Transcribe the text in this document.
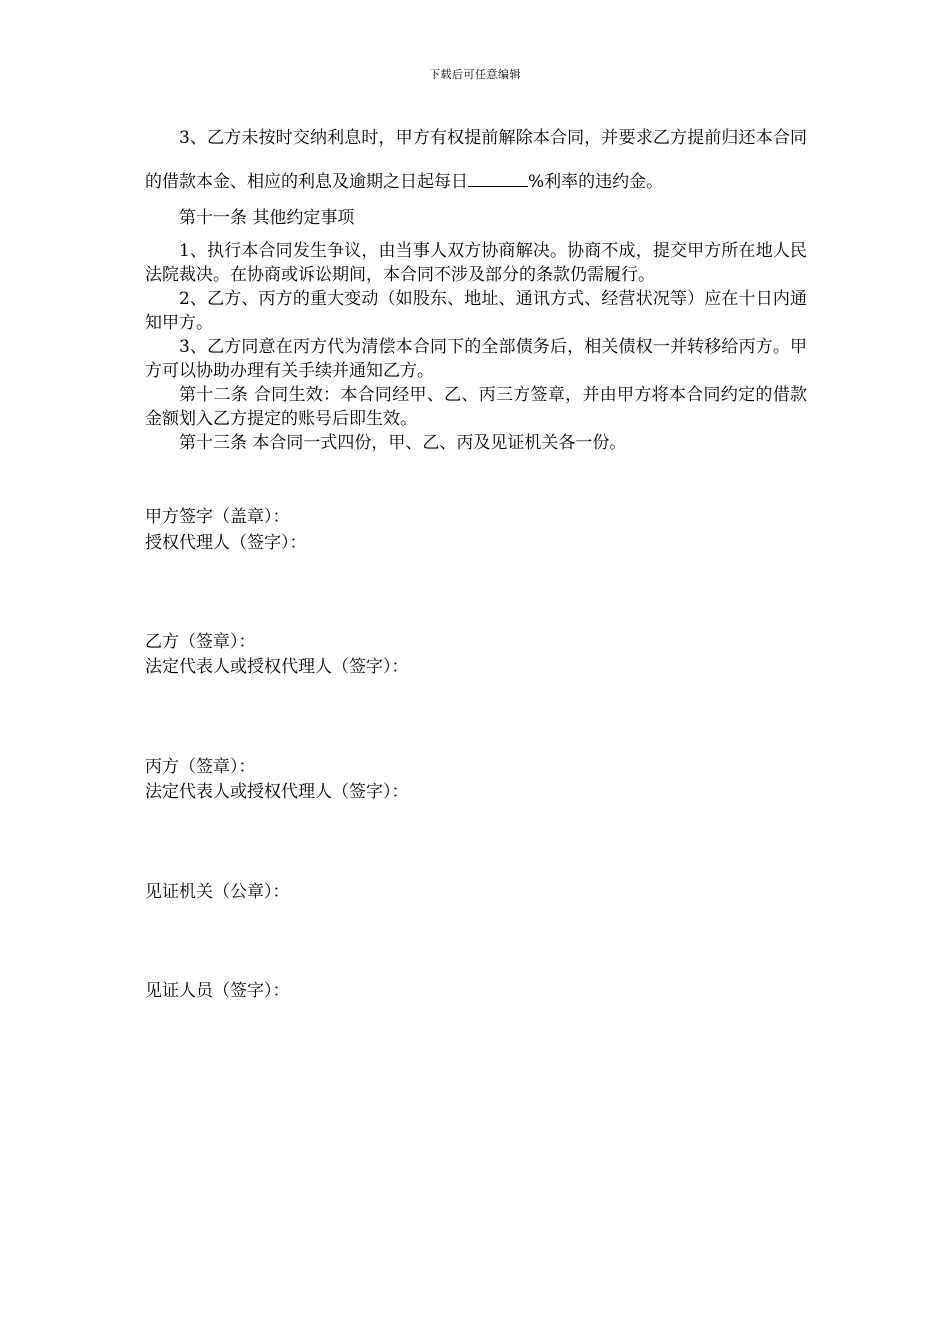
下载后可任意编辑

3、乙方未按时交纳利息时，甲方有权提前解除本合同，并要求乙方提前归还本合同的借款本金、相应的利息及逾期之日起每日	%利率的违约金。

第十一条 其他约定事项

1、执行本合同发生争议，由当事人双方协商解决。协商不成，提交甲方所在地人民法院裁决。在协商或诉讼期间，本合同不涉及部分的条款仍需履行。

2、乙方、丙方的重大变动（如股东、地址、通讯方式、经营状况等）应在十日内通知甲方。

3、乙方同意在丙方代为清偿本合同下的全部债务后，相关债权一并转移给丙方。甲方可以协助办理有关手续并通知乙方。

第十二条 合同生效：本合同经甲、乙、丙三方签章，并由甲方将本合同约定的借款金额划入乙方提定的账号后即生效。

第十三条 本合同一式四份，甲、乙、丙及见证机关各一份。

甲方签字（盖章）：
授权代理人（签字）：
乙方（签章）：
法定代表人或授权代理人（签字）：
丙方（签章）：
法定代表人或授权代理人（签字）：
见证机关（公章）：
见证人员（签字）：
